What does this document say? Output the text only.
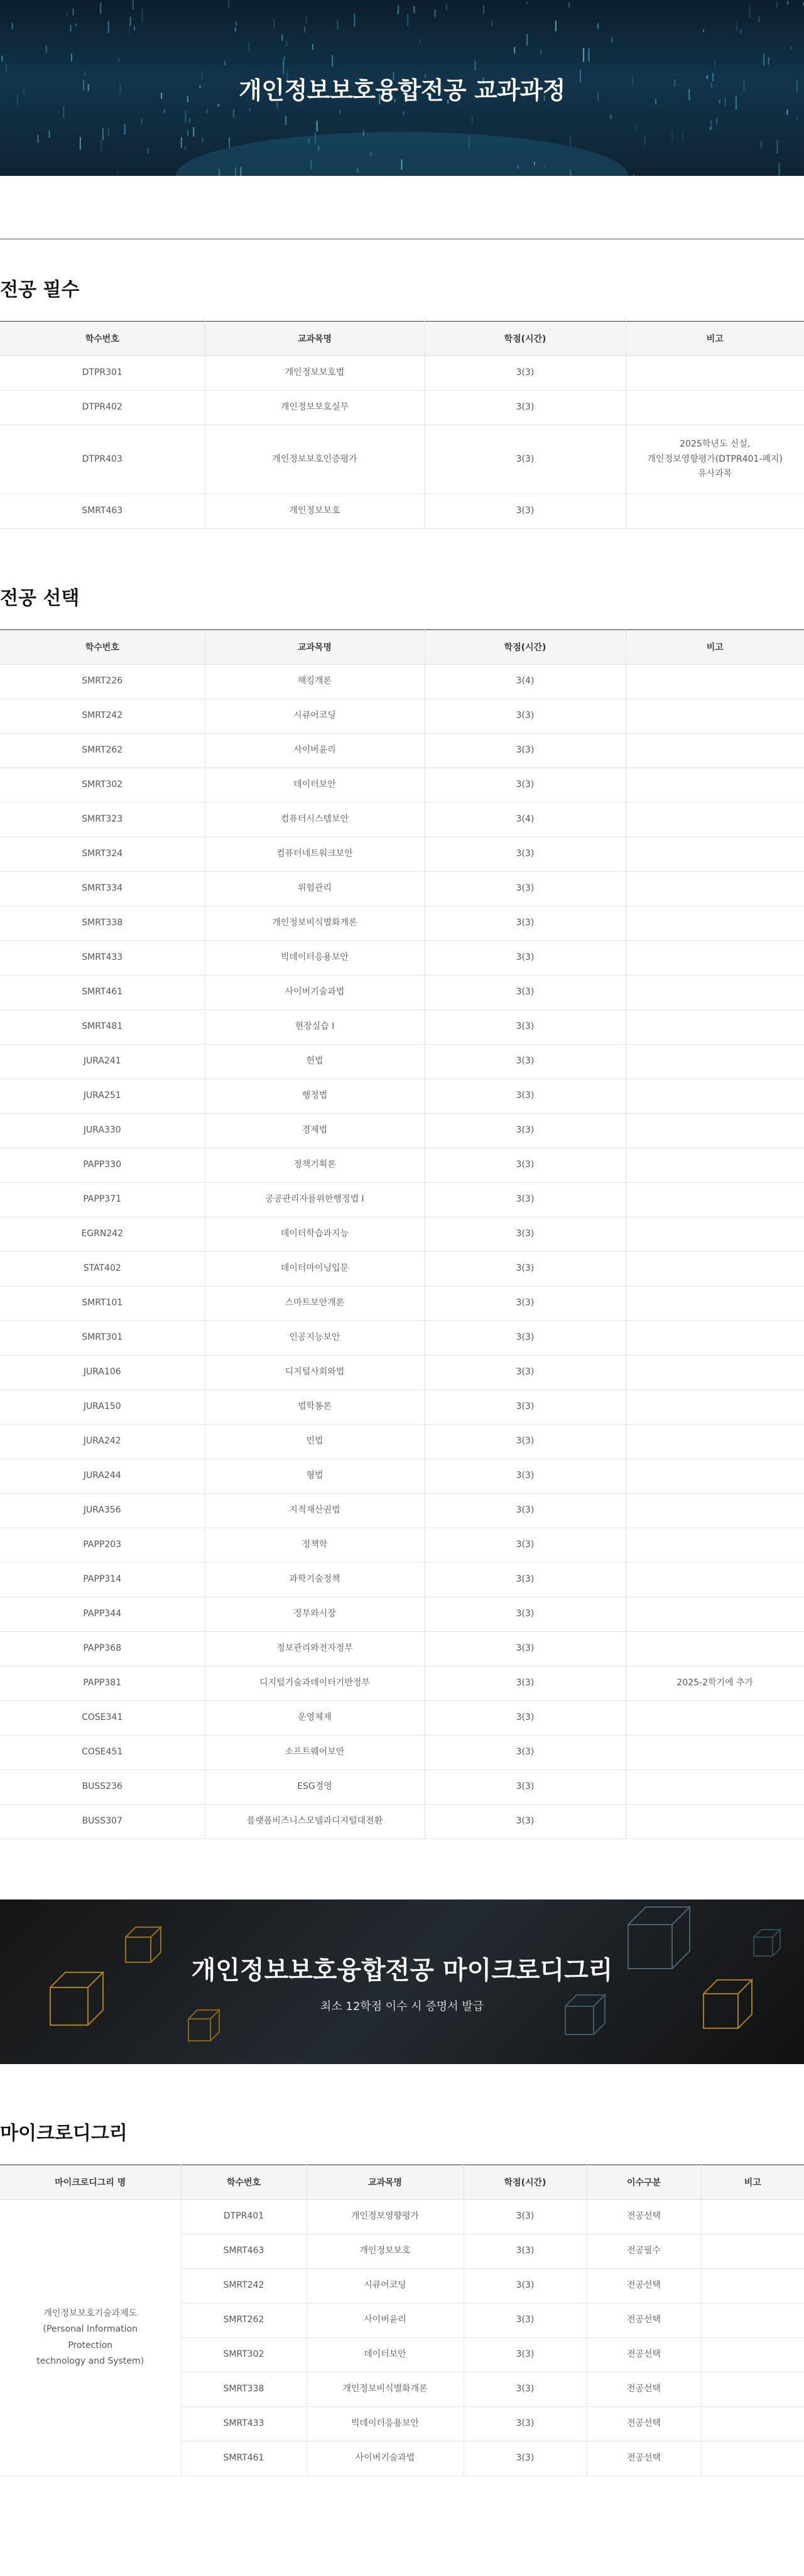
개인정보보호융합전공 교과과정
전공 필수
학수번호	교과목명	학점(시간)	비고
DTPR301	개인정보보호법	3(3)	
DTPR402	개인정보보호실무	3(3)	
DTPR403	개인정보보호인증평가	3(3)	2025학년도 신설,
개인정보영향평가(DTPR401-폐지)
유사과목
SMRT463	개인정보보호	3(3)	
전공 선택
학수번호	교과목명	학점(시간)	비고
SMRT226	해킹개론	3(4)	
SMRT242	시큐어코딩	3(3)	
SMRT262	사이버윤리	3(3)	
SMRT302	데이터보안	3(3)	
SMRT323	컴퓨터시스템보안	3(4)	
SMRT324	컴퓨터네트워크보안	3(3)	
SMRT334	위험관리	3(3)	
SMRT338	개인정보비식별화개론	3(3)	
SMRT433	빅데이터응용보안	3(3)	
SMRT461	사이버기술과법	3(3)	
SMRT481	현장실습 I	3(3)	
JURA241	헌법	3(3)	
JURA251	행정법	3(3)	
JURA330	경제법	3(3)	
PAPP330	정책기획론	3(3)	
PAPP371	공공관리자를위한행정법 I	3(3)	
EGRN242	데이터학습과지능	3(3)	
STAT402	데이터마이닝입문	3(3)	
SMRT101	스마트보안개론	3(3)	
SMRT301	인공지능보안	3(3)	
JURA106	디지털사회와법	3(3)	
JURA150	법학통론	3(3)	
JURA242	민법	3(3)	
JURA244	형법	3(3)	
JURA356	지적재산권법	3(3)	
PAPP203	정책학	3(3)	
PAPP314	과학기술정책	3(3)	
PAPP344	정부와시장	3(3)	
PAPP368	정보관리와전자정부	3(3)	
PAPP381	디지털기술과데이터기반정부	3(3)	2025-2학기에 추가
COSE341	운영체제	3(3)	
COSE451	소프트웨어보안	3(3)	
BUSS236	ESG경영	3(3)	
BUSS307	플랫폼비즈니스모델과디지털대전환	3(3)	
개인정보보호융합전공 마이크로디그리
최소 12학점 이수 시 증명서 발급
마이크로디그리
마이크로디그리 명	학수번호	교과목명	학점(시간)	이수구분	비고
개인정보보호기술과제도
(Personal Information
Protection
technology and System)	DTPR401	개인정보영향평가	3(3)	전공선택	
	SMRT463	개인정보보호	3(3)	전공필수	
	SMRT242	시큐어코딩	3(3)	전공선택	
	SMRT262	사이버윤리	3(3)	전공선택	
	SMRT302	데이터보안	3(3)	전공선택	
	SMRT338	개인정보비식별화개론	3(3)	전공선택	
	SMRT433	빅데이터응용보안	3(3)	전공선택	
	SMRT461	사이버기술과법	3(3)	전공선택	
